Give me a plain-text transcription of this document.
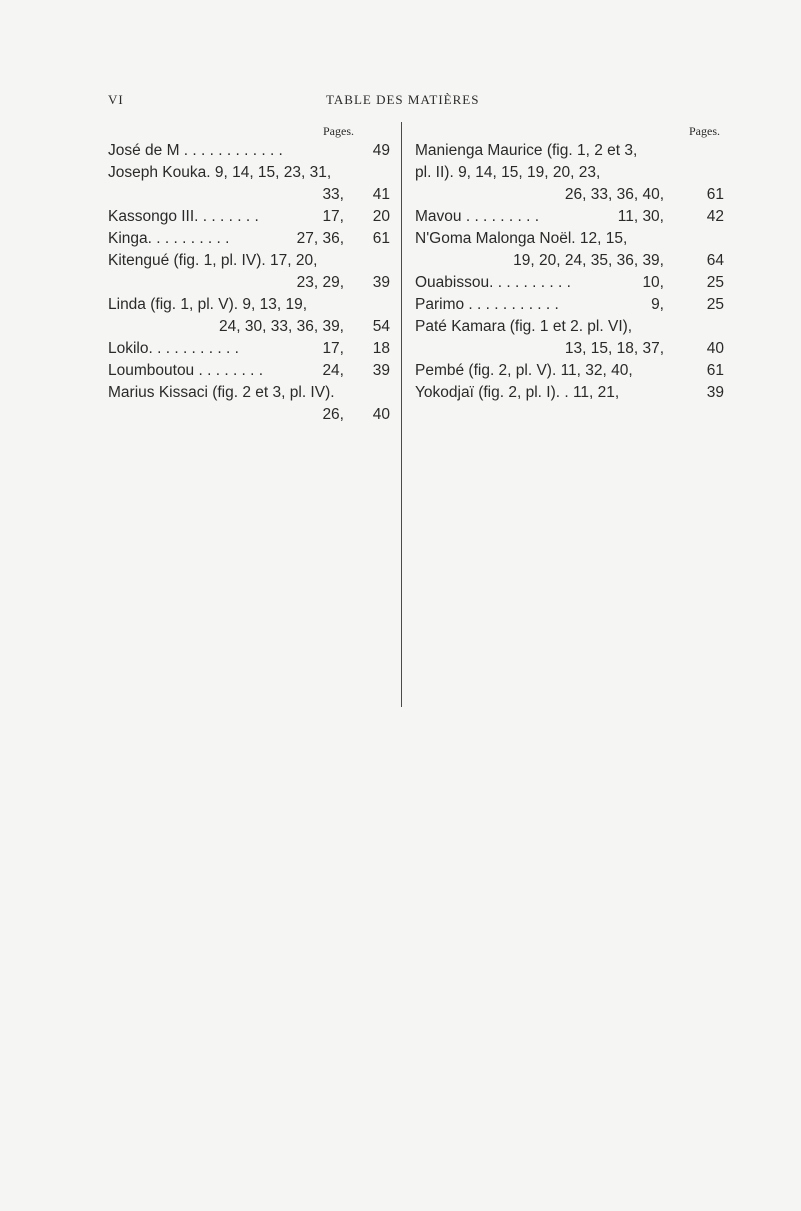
VI	TABLE DES MATIÈRES
Pages.
José de M . . . . . . . . . . . .	49
Joseph Kouka. 9, 14, 15, 23, 31,
33,	41
Kassongo III. . . . . . . .	17,	20
Kinga. . . . . . . . . .	27, 36,	61
Kitengué (fig. 1, pl. IV). 17, 20,
23, 29,	39
Linda (fig. 1, pl. V). 9, 13, 19,
24, 30, 33, 36, 39,	54
Lokilo. . . . . . . . . . .	17,	18
Loumboutou . . . . . . . .	24,	39
Marius Kissaci (fig. 2 et 3, pl. IV).
26,	40
Pages.
Manienga Maurice (fig. 1, 2 et 3,
pl. II). 9, 14, 15, 19, 20, 23,
26, 33, 36, 40,	61
Mavou . . . . . . . . .	11, 30,	42
N'Goma Malonga Noël. 12, 15,
19, 20, 24, 35, 36, 39,	64
Ouabissou. . . . . . . . . .	10,	25
Parimo . . . . . . . . . . .	9,	25
Paté Kamara (fig. 1 et 2. pl. VI),
13, 15, 18, 37,	40
Pembé (fig. 2, pl. V). 11, 32, 40,	61
Yokodjaï (fig. 2, pl. I). . 11, 21,	39
